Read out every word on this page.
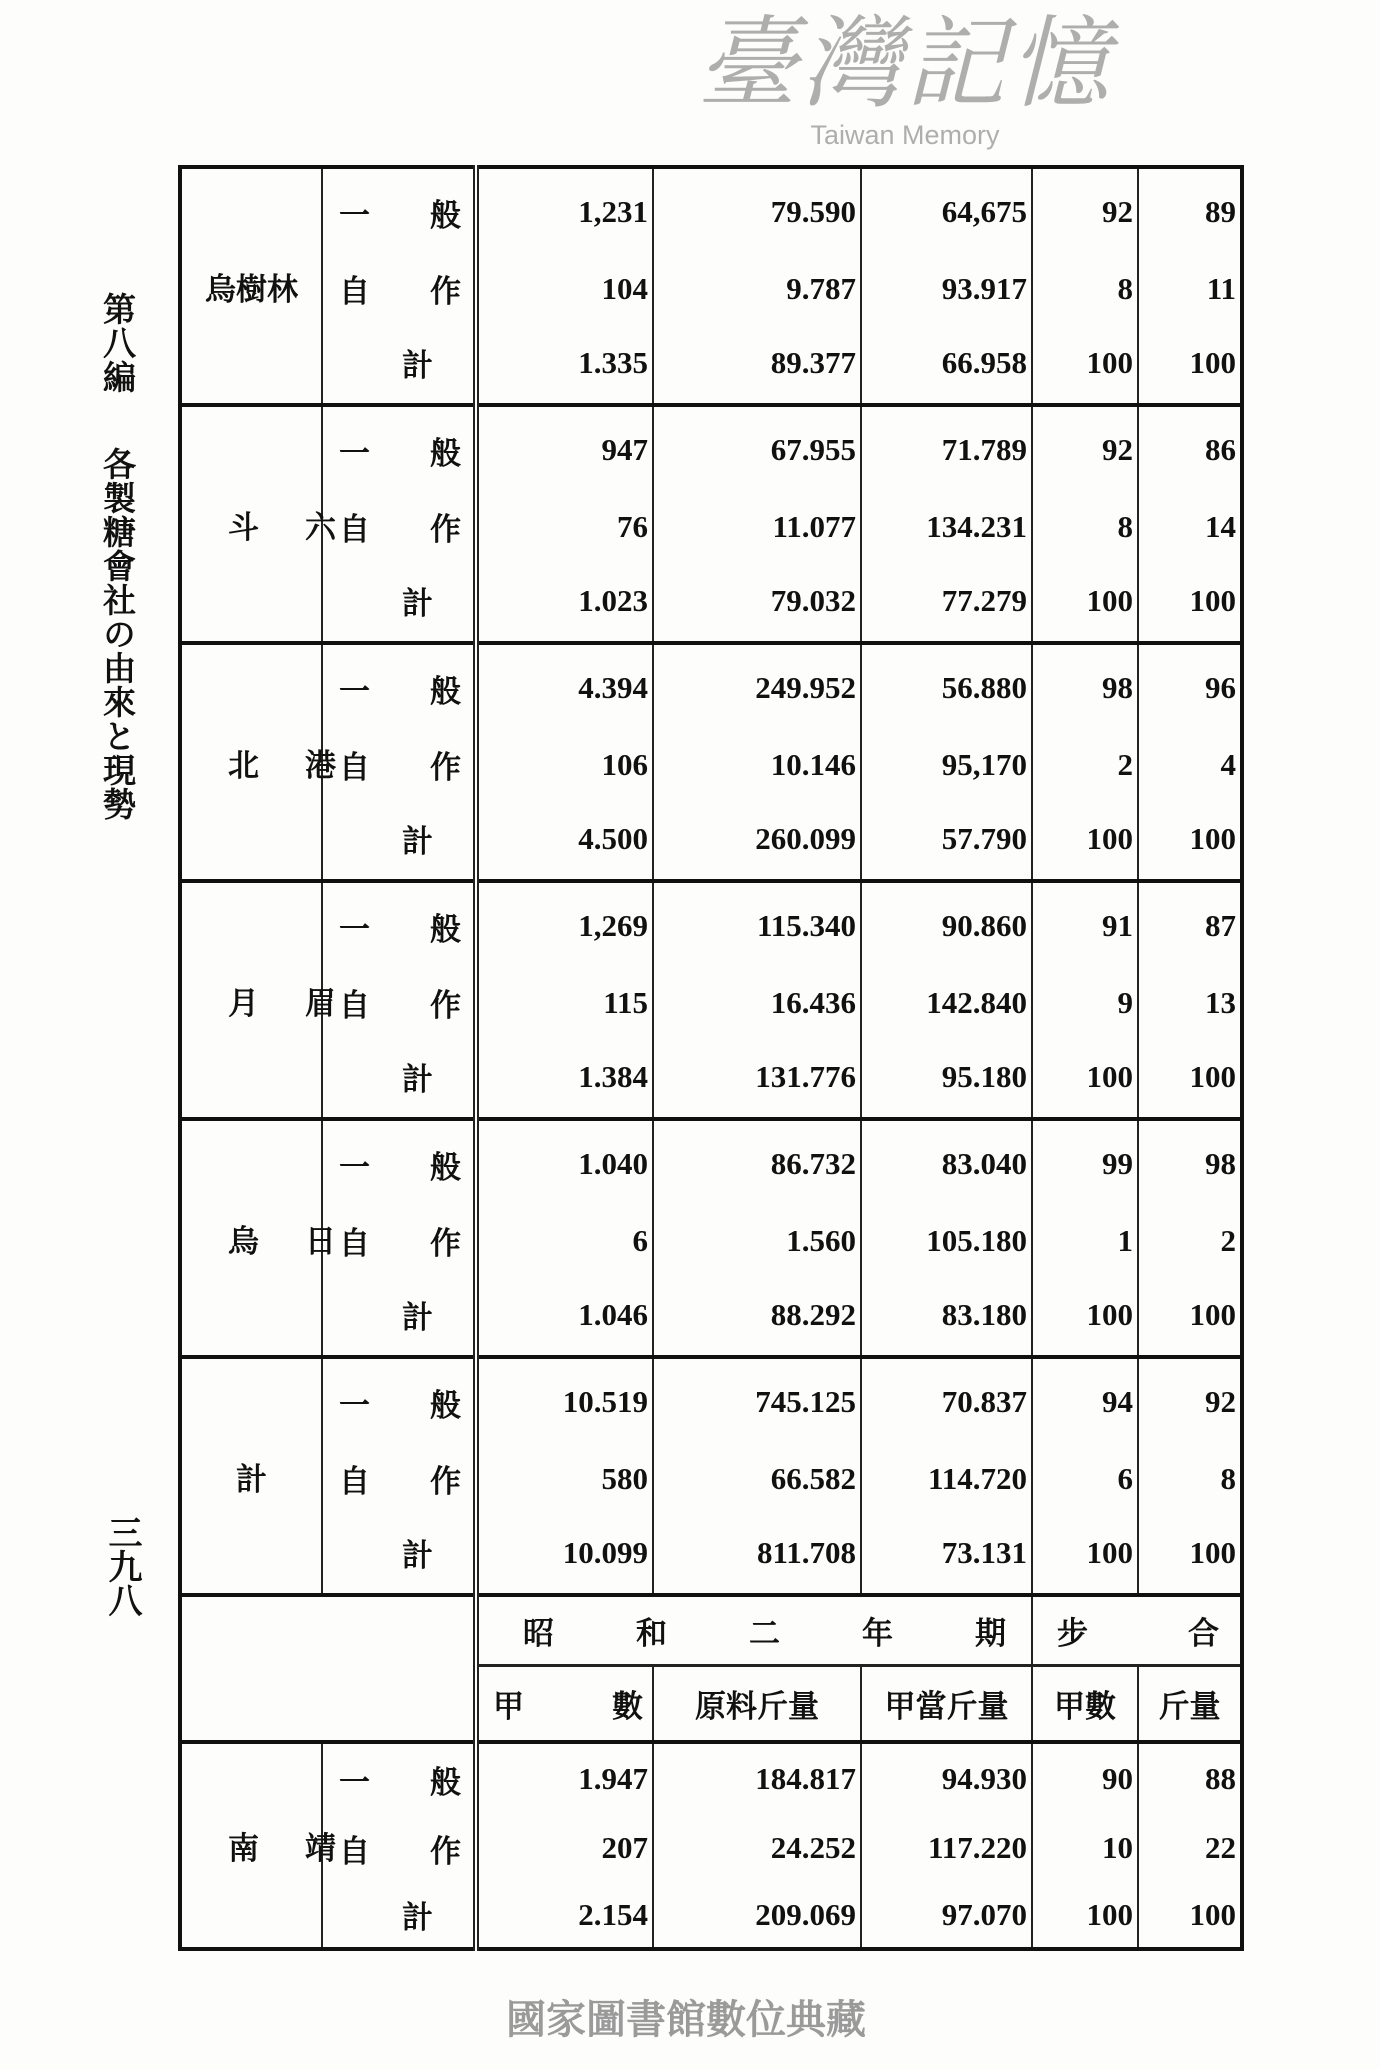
第八編 各製糖會社の由來と現勢
三九八
烏樹林	一般	1,231	79.590	64,675	92	89

	自作	104	9.787	93.917	8	11

	計	1.335	89.377	66.958	100	100

斗六	一般	947	67.955	71.789	92	86

	自作	76	11.077	134.231	8	14

	計	1.023	79.032	77.279	100	100

北港	一般	4.394	249.952	56.880	98	96

	自作	106	10.146	95,170	2	4

	計	4.500	260.099	57.790	100	100

月眉	一般	1,269	115.340	90.860	91	87

	自作	115	16.436	142.840	9	13

	計	1.384	131.776	95.180	100	100

烏日	一般	1.040	86.732	83.040	99	98

	自作	6	1.560	105.180	1	2

	計	1.046	88.292	83.180	100	100

計	一般	10.519	745.125	70.837	94	92

	自作	580	66.582	114.720	6	8

	計	10.099	811.708	73.131	100	100

		昭和二年期			步合	

		甲數	原料斤量	甲當斤量	甲數	斤量

南靖	一般	1.947	184.817	94.930	90	88

	自作	207	24.252	117.220	10	22

	計	2.154	209.069	97.070	100	100
臺灣記憶
Taiwan Memory
國家圖書館數位典藏
